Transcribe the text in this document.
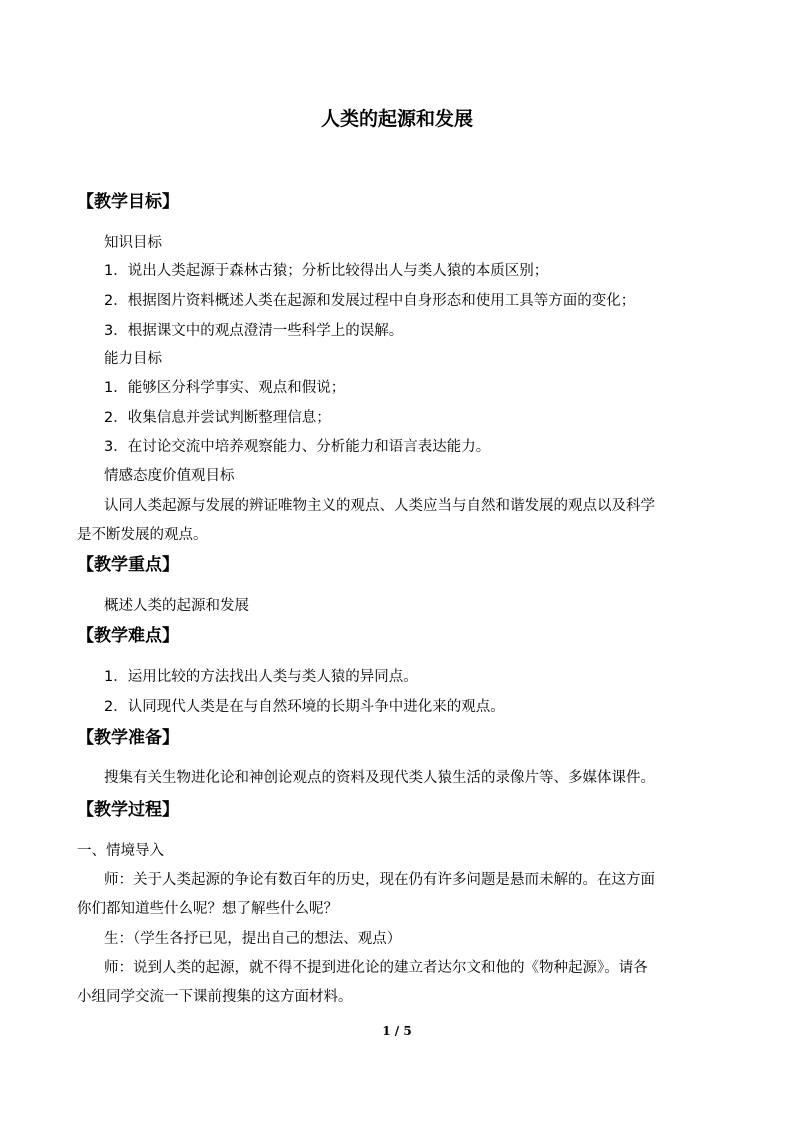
人类的起源和发展
【教学目标】
知识目标
1．说出人类起源于森林古猿；分析比较得出人与类人猿的本质区别；
2．根据图片资料概述人类在起源和发展过程中自身形态和使用工具等方面的变化；
3．根据课文中的观点澄清一些科学上的误解。
能力目标
1．能够区分科学事实、观点和假说；
2．收集信息并尝试判断整理信息；
3．在讨论交流中培养观察能力、分析能力和语言表达能力。
情感态度价值观目标
认同人类起源与发展的辨证唯物主义的观点、人类应当与自然和谐发展的观点以及科学
是不断发展的观点。
【教学重点】
概述人类的起源和发展
【教学难点】
1．运用比较的方法找出人类与类人猿的异同点。
2．认同现代人类是在与自然环境的长期斗争中进化来的观点。
【教学准备】
搜集有关生物进化论和神创论观点的资料及现代类人猿生活的录像片等、多媒体课件。
【教学过程】
一、情境导入
师：关于人类起源的争论有数百年的历史，现在仍有许多问题是悬而未解的。在这方面
你们都知道些什么呢？想了解些什么呢？
生：（学生各抒已见，提出自己的想法、观点）
师：说到人类的起源，就不得不提到进化论的建立者达尔文和他的《物种起源》。请各
小组同学交流一下课前搜集的这方面材料。
1 / 5
